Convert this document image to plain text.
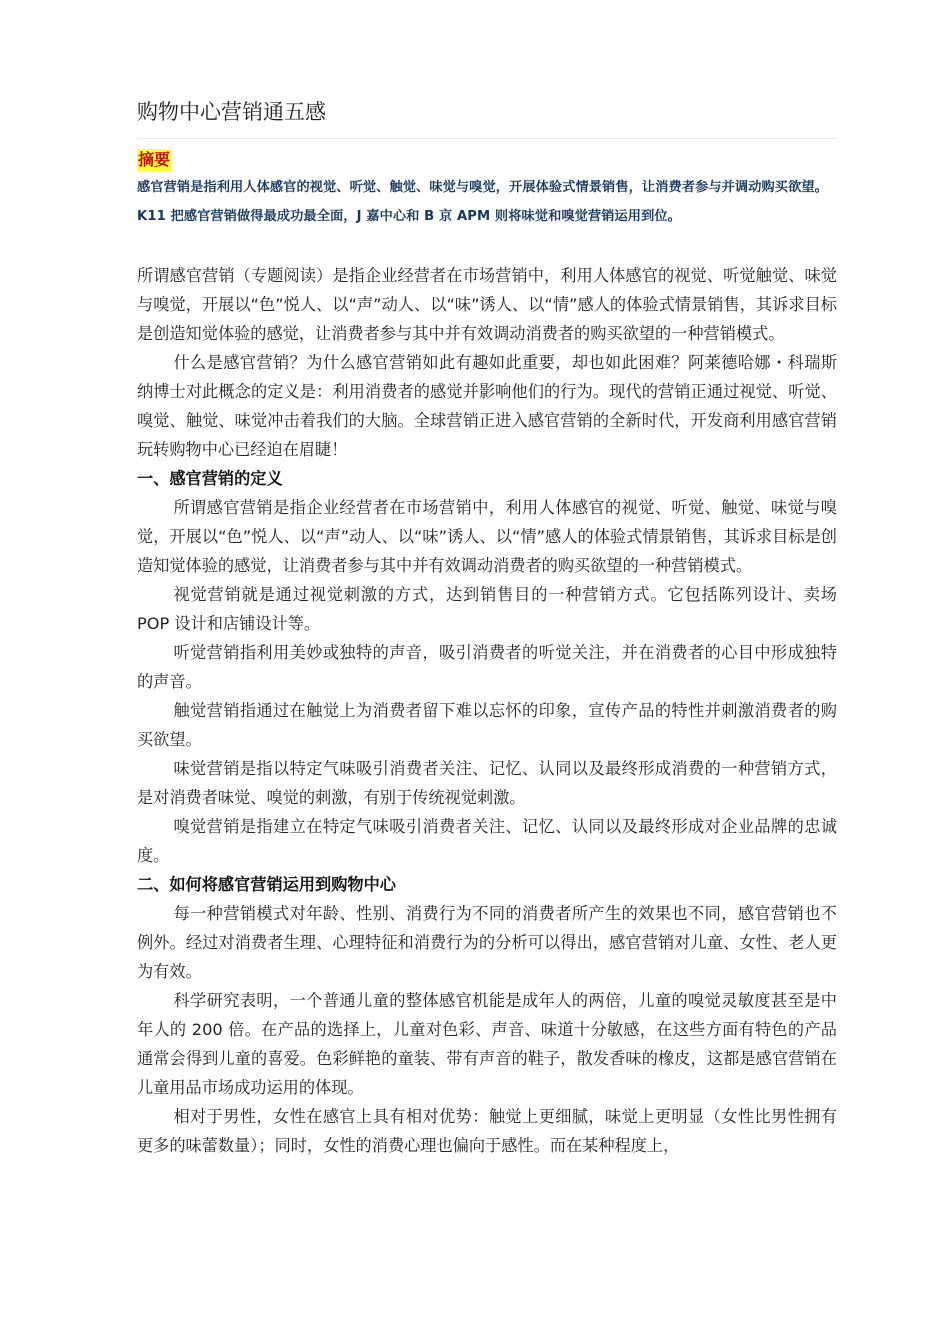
购物中心营销通五感
摘要

感官营销是指利用人体感官的视觉、听觉、触觉、味觉与嗅觉，开展体验式情景销售，让消费者参与并调动购买欲望。K11 把感官营销做得最成功最全面，J 嘉中心和 B 京 APM 则将味觉和嗅觉营销运用到位。

所谓感官营销（专题阅读）是指企业经营者在市场营销中，利用人体感官的视觉、听觉触觉、味觉与嗅觉，开展以“色”悦人、以“声”动人、以“味”诱人、以“情”感人的体验式情景销售，其诉求目标是创造知觉体验的感觉，让消费者参与其中并有效调动消费者的购买欲望的一种营销模式。

什么是感官营销？为什么感官营销如此有趣如此重要，却也如此困难？阿莱德哈娜・科瑞斯纳博士对此概念的定义是：利用消费者的感觉并影响他们的行为。现代的营销正通过视觉、听觉、嗅觉、触觉、味觉冲击着我们的大脑。全球营销正进入感官营销的全新时代，开发商利用感官营销玩转购物中心已经迫在眉睫！

一、感官营销的定义

所谓感官营销是指企业经营者在市场营销中，利用人体感官的视觉、听觉、触觉、味觉与嗅觉，开展以“色”悦人、以“声”动人、以“味”诱人、以“情”感人的体验式情景销售，其诉求目标是创造知觉体验的感觉，让消费者参与其中并有效调动消费者的购买欲望的一种营销模式。

视觉营销就是通过视觉刺激的方式，达到销售目的一种营销方式。它包括陈列设计、卖场 POP 设计和店铺设计等。

听觉营销指利用美妙或独特的声音，吸引消费者的听觉关注，并在消费者的心目中形成独特的声音。

触觉营销指通过在触觉上为消费者留下难以忘怀的印象，宣传产品的特性并刺激消费者的购买欲望。

味觉营销是指以特定气味吸引消费者关注、记忆、认同以及最终形成消费的一种营销方式，是对消费者味觉、嗅觉的刺激，有别于传统视觉刺激。

嗅觉营销是指建立在特定气味吸引消费者关注、记忆、认同以及最终形成对企业品牌的忠诚度。

二、如何将感官营销运用到购物中心

每一种营销模式对年龄、性别、消费行为不同的消费者所产生的效果也不同，感官营销也不例外。经过对消费者生理、心理特征和消费行为的分析可以得出，感官营销对儿童、女性、老人更为有效。

科学研究表明，一个普通儿童的整体感官机能是成年人的两倍，儿童的嗅觉灵敏度甚至是中年人的 200 倍。在产品的选择上，儿童对色彩、声音、味道十分敏感，在这些方面有特色的产品通常会得到儿童的喜爱。色彩鲜艳的童装、带有声音的鞋子，散发香味的橡皮，这都是感官营销在儿童用品市场成功运用的体现。

相对于男性，女性在感官上具有相对优势：触觉上更细腻，味觉上更明显（女性比男性拥有更多的味蕾数量）；同时，女性的消费心理也偏向于感性。而在某种程度上，
